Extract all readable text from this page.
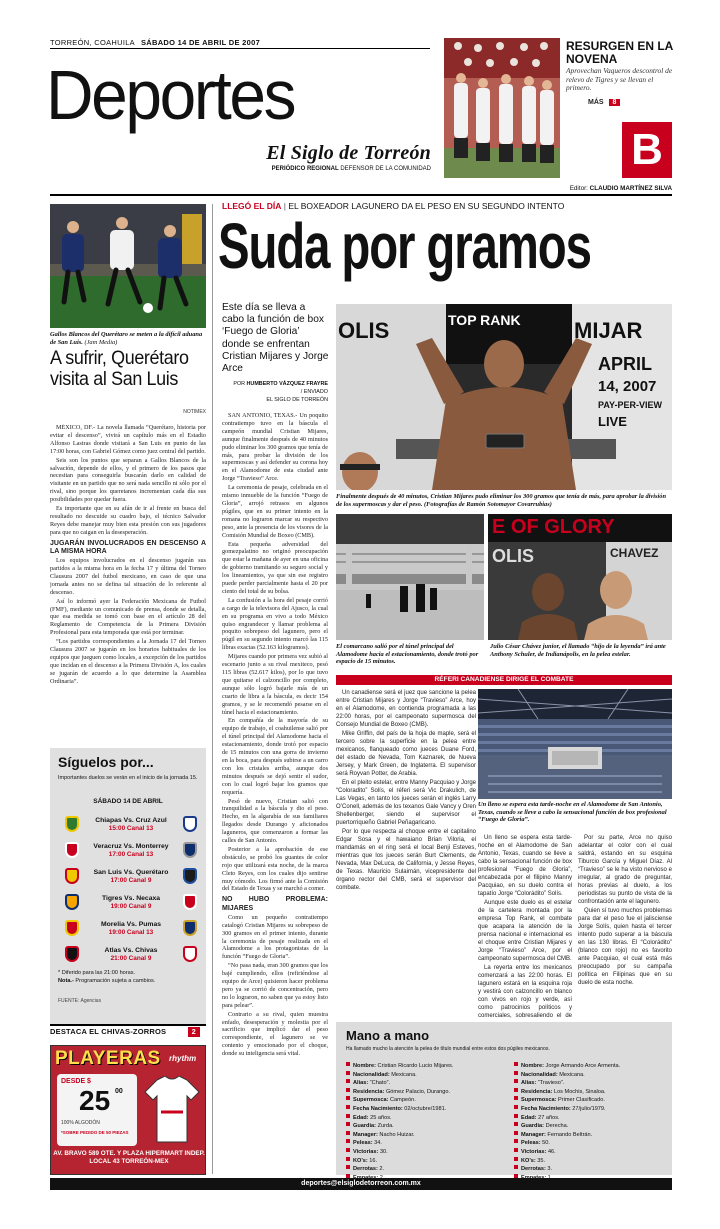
TORREÓN, COAHUILA SÁBADO 14 DE ABRIL DE 2007
Deportes
El Siglo de Torreón
PERIÓDICO REGIONAL DEFENSOR DE LA COMUNIDAD
RESURGEN EN LA NOVENA
Aprovechan Vaqueros descontrol de relevo de Tigres y se llevan el primero.
MÁS 8
B
Editor: CLAUDIO MARTÍNEZ SILVA
Gallos Blancos del Querétaro se meten a la difícil aduana de San Luis. (Jam Media)
A sufrir, Querétaro visita al San Luis
NOTIMEX

MÉXICO, DF.- La novela llamada “Querétaro, historia por evitar el descenso”, vivirá un capítulo más en el Estadio Alfonso Lastras donde visitará a San Luis en punto de las 17:00 horas, con Gabriel Gómez como juez central del partido.

Seis son los puntos que separan a Gallos Blancos de la salvación, depende de ellos, y el primero de los pasos que necesitan para conseguirla buscarán darlo en calidad de visitante en un partido que no será nada sencillo ni sólo por el rival, sino porque los queretanos incrementan cada día sus posibilidades por quedar fuera.

Es importante que en su afán de ir al frente en busca del resultado no descuide su cuadro bajo, el técnico Salvador Reyes debe manejar muy bien esta presión con sus jugadores para que no caigan en la desesperación.

JUGARÁN INVOLUCRADOS EN DESCENSO A LA MISMA HORA

Los equipos involucrados en el descenso jugarán sus partidos a la misma hora en la fecha 17 y última del Torneo Clausura 2007 del futbol mexicano, en caso de que una jornada antes no se defina tal situación de lo referente al descenso.

Así lo informó ayer la Federación Mexicana de Futbol (FMF), mediante un comunicado de prensa, donde se detalla, que esa medida se tomó con base en el artículo 28 del Reglamento de Competencia de la Primera División Profesional para esta temporada que está por terminar.

“Los partidos correspondientes a la Jornada 17 del Torneo Clausura 2007 se jugarán en los horarios habituales de los equipos que jueguen como locales, a excepción de los partidos que incidan en el descenso a la Primera División A, los cuales se jugarán de acuerdo a lo que determine la Asamblea Ordinaria”.

Síguelos por...
Importantes duelos se verán en el inicio de la jornada 15.
SÁBADO 14 DE ABRIL
Chiapas Vs. Cruz Azul
15:00 Canal 13
Veracruz Vs. Monterrey
17:00 Canal 13
San Luis Vs. Querétaro
17:00 Canal 9
Tigres Vs. Necaxa
19:00 Canal 9
Morelia Vs. Pumas
19:00 Canal 13
Atlas Vs. Chivas
21:00 Canal 9
* Diferido para las 21:00 horas.
Nota.- Programación sujeta a cambios.
FUENTE: Agencias
DESTACA EL CHIVAS-ZORROS	2
PLAYERAS rhythm
DESDE $
25 00
100% ALGODÓN
*SOBRE PEDIDO DE 50 PIEZAS
AV. BRAVO 589 OTE. Y PLAZA HIPERMART INDEP. LOCAL 43 TORREÓN-MEX
LLEGÓ EL DÍA | EL BOXEADOR LAGUNERO DA EL PESO EN SU SEGUNDO INTENTO
Suda por gramos
Este día se lleva a cabo la función de box ‘Fuego de Gloria’ donde se enfrentan Cristian Mijares y Jorge Arce
POR HUMBERTO VÁZQUEZ FRAYRE
/ ENVIADO
EL SIGLO DE TORREÓN

SAN ANTONIO, TEXAS.- Un poquito contratiempo tuvo en la báscula el campeón mundial Cristian Mijares, aunque finalmente después de 40 minutos pudo eliminar los 300 gramos que tenía de más, para probar la división de los supermoscas y así defender su corona hoy en el Alamodome de esta ciudad ante Jorge “Travieso” Arce.

La ceremonia de pesaje, celebrada en el mismo inmueble de la función “Fuego de Gloria”, arrojó retrasos en algunos púgiles, que en su primer intento en la romana no lograron marcar su respectivo peso, ante la presencia de los visores de la Comisión Mundial de Boxeo (CMB).

Esta pequeña adversidad del gomezpalatino no originó preocupación que estar la mañana de ayer en una oficina de gobierno tramitando su seguro social y los lineamientos, ya que sin ese registro puede perder parcialmente hasta el 20 por ciento del total de su bolsa.

La confusión a la hora del pesaje corrió a cargo de la televisora del Ajusco, la cual en su programa en vivo a todo México quiso engrandecer y llamar problema al poquito sobrepeso del lagunero, pero el púgil en su segundo intento marcó las 115 libras exactas (52.163 kilogramos).

Mijares cuando por primera vez subió al escenario junto a su rival mexiteco, pesó 115 libras (52.617 kilos), por lo que tuvo que quitarse el calzoncillo por completo, aunque sólo logró bajarle más de un cuarto de libra a la báscula, es decir 154 gramos, y se le recomendó pesarse en el túnel hacia el estacionamiento.

En compañía de la mayoría de su equipo de trabajo, el coahuilense salió por el túnel principal del Alamodome hacia el estacionamiento, donde trotó por espacio de 15 minutos con una gorra de invierno en la boca, para después subirse a un carro con los cristales arriba, aunque dos minutos después se dejó sentir el sudor, con lo cual logró bajar los gramos que requería.

Pesó de nuevo, Cristian salió con tranquilidad a la báscula y dio el peso. Hecho, en la algarabía de sus familiares llegados desde Durango y aficionados laguneros, que comenzaron a formar las calles de San Antonio.

Posterior a la aprobación de ese obstáculo, se probó los guantes de color rojo que utilizará esta noche, de la marca Cleto Reyes, con los cuales dijo sentirse muy cómodo. Los firmó ante la Comisión del Estado de Texas y se marchó a comer.

NO HUBO PROBLEMA: MIJARES

Como un pequeño contratiempo catalogó Cristian Mijares su sobrepeso de 300 gramos en el primer intento, durante la ceremonia de pesaje realizada en el Alamodome a los protagonistas de la función “Fuego de Gloria”.

“No pasa nada, eran 300 gramos que los bajé cumpliendo, ellos (refiriéndose al equipo de Arce) quisieron hacer problema pero ya se corrió de concentración, pero no lo lograron, no saben que ya estoy listo para pelear”.

Contrario a su rival, quien muestra enfado, desesperación y molestia por el sacrificio que implicó dar el peso correspondiente, el lagunero se ve contento y emocionado por el choque, donde su inteligencia será vital.

OLIS	TOP RANK MIJAR
APRIL
14, 2007
PAY-PER-VIEW
LIVE
Finalmente después de 40 minutos, Cristian Mijares pudo eliminar los 300 gramos que tenía de más, para aprobar la división de los supermoscas y dar el peso. (Fotografías de Ramón Sotomayor Covarrubias)
El comarcano salió por el túnel principal del Alamodome hacia el estacionamiento, donde trotó por espacio de 15 minutos.
E OF GLORY
OLIS	CHAVEZ
Julio César Chávez junior, el llamado “hijo de la leyenda” irá ante Anthony Schuler, de Indianápolis, en la pelea estelar.
RÉFERI CANADIENSE DIRIGE EL COMBATE

Un canadiense será el juez que sancione la pelea entre Cristian Mijares y Jorge “Travieso” Arce, hoy en el Alamodome, en contienda programada a las 22:00 horas, por el campeonato supermosca del Consejo Mundial de Boxeo (CMB).

Mike Griffin, del país de la hoja de maple, será el tercero sobre la superficie en la pelea entre mexicanos, flanqueado como jueces Duane Ford, del estado de Nevada, Tom Kaznarek, de Nueva Jersey, y Mark Green, de Inglaterra. El supervisor será Royvan Potter, de Arabia.

En el pleito estelar, entre Manny Pacquiao y Jorge “Coloradito” Solís, el réferi será Vic Drakulich, de Las Vegas, en tanto los jueces serán el inglés Larry O’Conell, además de los texanos Gale Vancy y Oren Shellenberger, siendo el supervisor el puertorriqueño Gabriel Peñagaricano.

Por lo que respecta al choque entre el capitalino Edgar Sosa y el hawaiano Brian Viloria, el mandamás en el ring será el local Benji Esteves, mientras que los jueces serán Burt Clements, de Nevada, Max DeLuca, de California, y Jesse Reyes, de Texas. Mauricio Sulaimán, vicepresidente del órgano rector del CMB, será el supervisor del combate.

Un lleno se espera esta tarde-noche en el Alamodome de San Antonio, Texas, cuando se lleve a cabo la sensacional función de box profesional “Fuego de Gloria”.

Un lleno se espera esta tarde-noche en el Alamodome de San Antonio, Texas, cuando se lleve a cabo la sensacional función de box profesional “Fuego de Gloria”, encabezada por el filipino Manny Pacquiao, en su duelo contra el tapatío Jorge “Colorádito” Solís.

Aunque este duelo es el estelar de la cartelera montada por la empresa Top Rank, el combate que acapara la atención de la prensa nacional e internacional es el choque entre Cristian Mijares y Jorge “Travieso” Arce, por el campeonato supermosca del CMB.

La reyerta entre los mexicanos comenzará a las 22:00 horas. El lagunero estará en la esquina roja y vestirá con calzoncillo en blanco con vivos en rojo y verde, así como patrocinios políticos y comerciales, sobresaliendo el de

Por su parte, Arce no quiso adelantar el color con el cual saldrá, estando en su esquina Tiburcio García y Miguel Díaz. Al “Travieso” se le ha visto nervioso e irregular, al grado de preguntar, horas previas al duelo, a los periodistas su punto de vista de la confrontación ante el lagunero.

Quien sí tuvo muchos problemas para dar el peso fue el jalisciense Jorge Solís, quien hasta el tercer intento pudo superar a la báscula en las 130 libras. El “Colorádito” (blanco con rojo) no es favorito ante Pacquiao, el cual está más preocupado por su campaña política en Filipinas que en su duelo de esta noche.

Mano a mano
Ha llamado mucho la atención la pelea de título mundial entre estos dos púgiles mexicanos.
Nombre: Cristian Ricardo Lucio Mijares.
Nacionalidad: Mexicana.
Alias: “Chato”.
Residencia: Gómez Palacio, Durango.
Supermosca: Campeón.
Fecha Nacimiento: 02/octubre/1981.
Edad: 25 años.
Guardia: Zurda.
Manager: Nacho Huizar.
Peleas: 34.
Victorias: 30.
KO’s: 16.
Derrotas: 2.
Nombre: Jorge Armando Arce Armenta.
Nacionalidad: Mexicana.
Alias: “Travieso”.
Residencia: Los Mochis, Sinaloa.
Supermosca: Primer Clasificado.
Fecha Nacimiento: 27/julio/1979.
Edad: 27 años.
Guardia: Derecha.
Manager: Fernando Beltrán.
Peleas: 50.
Victorias: 46.
KO’s: 35.
Derrotas: 3.
deportes@elsiglodetorreon.com.mx
